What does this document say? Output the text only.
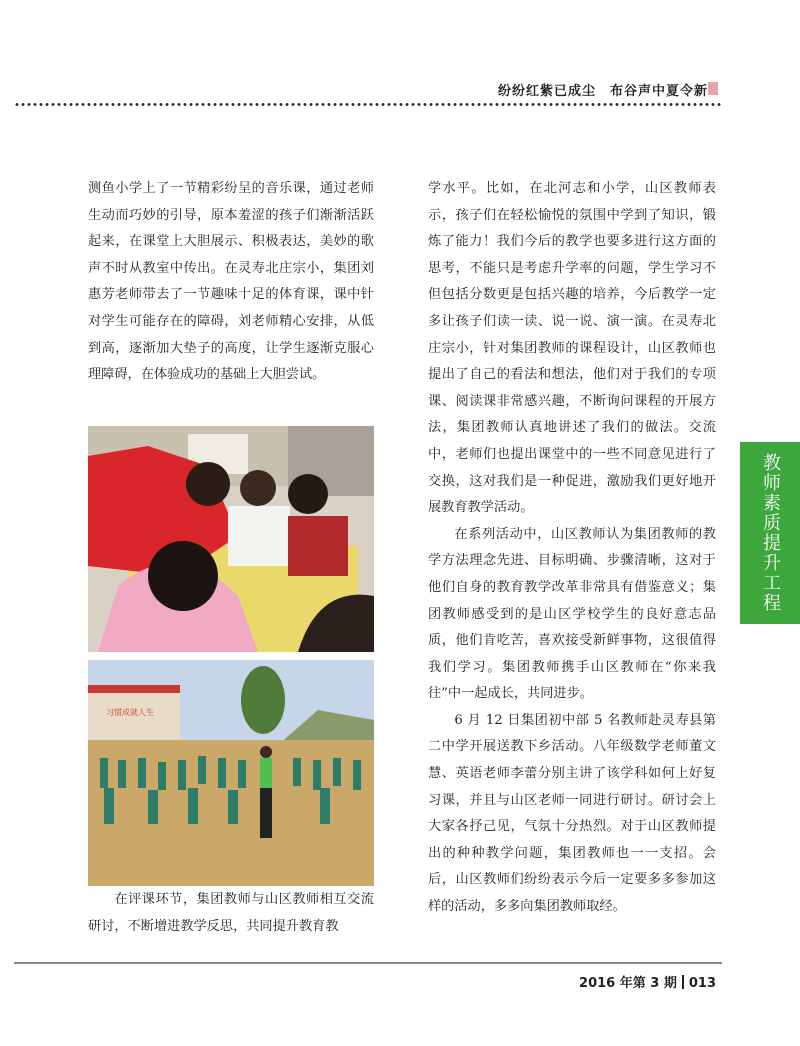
纷纷红紫已成尘　布谷声中夏令新

测鱼小学上了一节精彩纷呈的音乐课，通过老师生动而巧妙的引导，原本羞涩的孩子们渐渐活跃起来，在课堂上大胆展示、积极表达，美妙的歌声不时从教室中传出。在灵寿北庄宗小，集团刘惠芳老师带去了一节趣味十足的体育课，课中针对学生可能存在的障碍，刘老师精心安排，从低到高，逐渐加大垫子的高度，让学生逐渐克服心理障碍，在体验成功的基础上大胆尝试。

习惯成就人生

在评课环节，集团教师与山区教师相互交流研讨，不断增进教学反思，共同提升教育教

学水平。比如，在北河志和小学，山区教师表示，孩子们在轻松愉悦的氛围中学到了知识，锻炼了能力！我们今后的教学也要多进行这方面的思考，不能只是考虑升学率的问题，学生学习不但包括分数更是包括兴趣的培养，今后教学一定多让孩子们读一读、说一说、演一演。在灵寿北庄宗小，针对集团教师的课程设计，山区教师也提出了自己的看法和想法，他们对于我们的专项课、阅读课非常感兴趣，不断询问课程的开展方法，集团教师认真地讲述了我们的做法。交流中，老师们也提出课堂中的一些不同意见进行了交换，这对我们是一种促进，激励我们更好地开展教育教学活动。

在系列活动中，山区教师认为集团教师的教学方法理念先进、目标明确、步骤清晰，这对于他们自身的教育教学改革非常具有借鉴意义；集团教师感受到的是山区学校学生的良好意志品质，他们肯吃苦，喜欢接受新鲜事物，这很值得我们学习。集团教师携手山区教师在“你来我往”中一起成长，共同进步。

6 月 12 日集团初中部 5 名教师赴灵寿县第二中学开展送教下乡活动。八年级数学老师董文慧、英语老师李蕾分别主讲了该学科如何上好复习课，并且与山区老师一同进行研讨。研讨会上大家各抒己见，气氛十分热烈。对于山区教师提出的种种教学问题，集团教师也一一支招。会后，山区教师们纷纷表示今后一定要多多参加这样的活动，多多向集团教师取经。

教师素质提升工程
2016 年第 3 期 013
